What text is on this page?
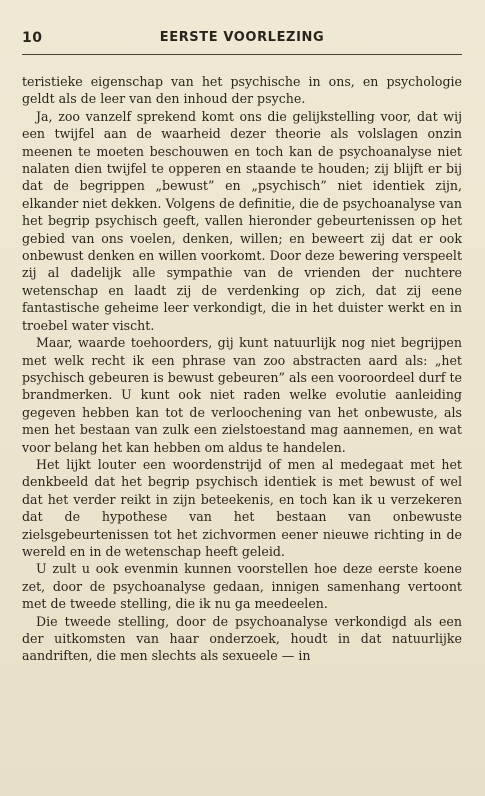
10	EERSTE VOORLEZING

teristieke eigenschap van het psychische in ons, en psychologie geldt als de leer van den inhoud der psyche.

Ja, zoo vanzelf sprekend komt ons die gelijkstelling voor, dat wij een twijfel aan de waarheid dezer theorie als volslagen onzin meenen te moeten beschouwen en toch kan de psychoanalyse niet nalaten dien twijfel te opperen en staande te houden; zij blijft er bij dat de begrippen „bewust” en „psychisch” niet identiek zijn, elkander niet dekken. Volgens de definitie, die de psychoanalyse van het begrip psychisch geeft, vallen hieronder gebeurtenissen op het gebied van ons voelen, denken, willen; en beweert zij dat er ook onbewust denken en willen voorkomt. Door deze bewering verspeelt zij al dadelijk alle sympathie van de vrienden der nuchtere wetenschap en laadt zij de verdenking op zich, dat zij eene fantastische geheime leer verkondigt, die in het duister werkt en in troebel water vischt.

Maar, waarde toehoorders, gij kunt natuurlijk nog niet begrijpen met welk recht ik een phrase van zoo abstracten aard als: „het psychisch gebeuren is bewust gebeuren” als een vooroordeel durf te brandmerken. U kunt ook niet raden welke evolutie aanleiding gegeven hebben kan tot de verloochening van het onbewuste, als men het bestaan van zulk een zielstoestand mag aannemen, en wat voor belang het kan hebben om aldus te handelen.

Het lijkt louter een woordenstrijd of men al medegaat met het denkbeeld dat het begrip psychisch identiek is met bewust of wel dat het verder reikt in zijn beteekenis, en toch kan ik u verzekeren dat de hypothese van het bestaan van onbewuste zielsgebeurtenissen tot het zichvormen eener nieuwe richting in de wereld en in de wetenschap heeft geleid.

U zult u ook evenmin kunnen voorstellen hoe deze eerste koene zet, door de psychoanalyse gedaan, innigen samenhang vertoont met de tweede stelling, die ik nu ga meedeelen.

Die tweede stelling, door de psychoanalyse verkondigd als een der uitkomsten van haar onderzoek, houdt in dat natuurlijke aandriften, die men slechts als sexueele — in
